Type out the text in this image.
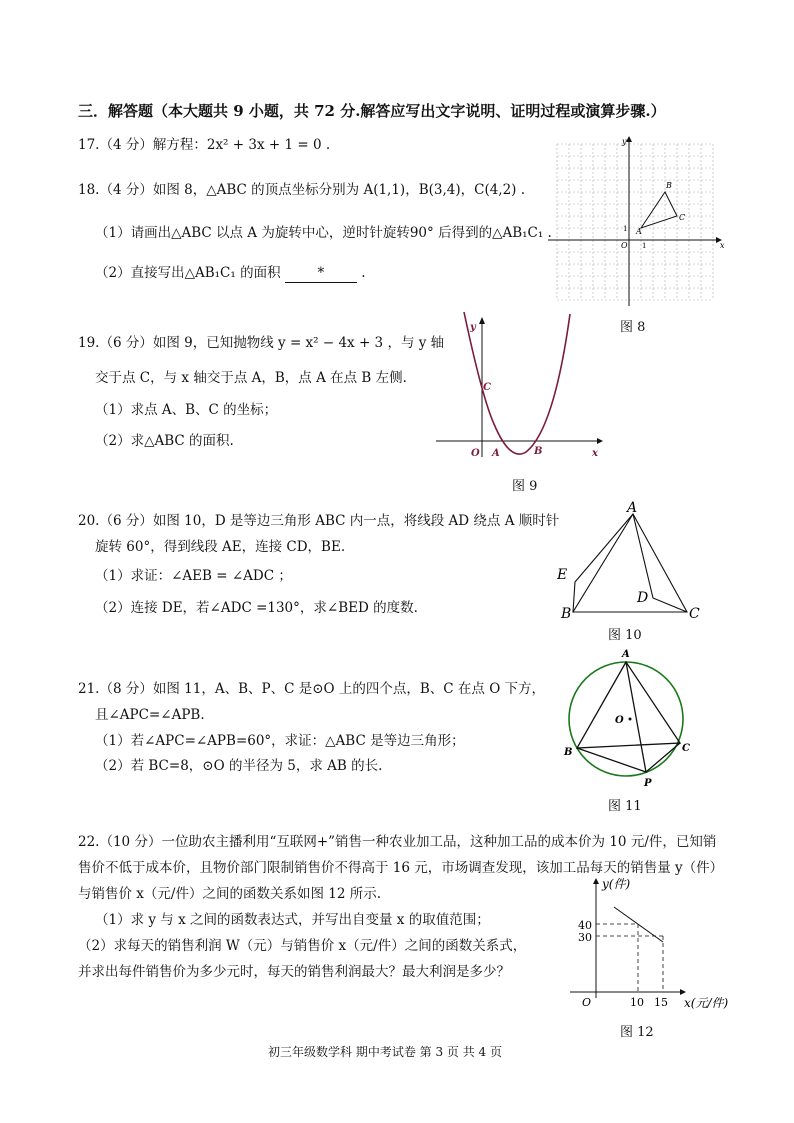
三．解答题（本大题共 9 小题，共 72 分.解答应写出文字说明、证明过程或演算步骤.）
17.（4 分）解方程：2x² + 3x + 1 = 0 .
18.（4 分）如图 8，△ABC 的顶点坐标分别为 A(1,1)，B(3,4)，C(4,2) .
（1）请画出△ABC 以点 A 为旋转中心，逆时针旋转90° 后得到的△AB₁C₁ .
（2）直接写出△AB₁C₁ 的面积	*	.
x
y
O 1
1 A
B
C
图 8
19.（6 分）如图 9，已知抛物线 y = x² − 4x + 3 ，与 y 轴
交于点 C，与 x 轴交于点 A，B，点 A 在点 B 左侧.
（1）求点 A、B、C 的坐标；
（2）求△ABC 的面积.
y
x
C
O A	B
图 9
20.（6 分）如图 10，D 是等边三角形 ABC 内一点，将线段 AD 绕点 A 顺时针
旋转 60°，得到线段 AE，连接 CD，BE.
（1）求证：∠AEB = ∠ADC ；
（2）连接 DE，若∠ADC =130°，求∠BED 的度数.
A
E
D
B	C
图 10
21.（8 分）如图 11，A、B、P、C 是⊙O 上的四个点，B、C 在点 O 下方，
且∠APC=∠APB.
（1）若∠APC=∠APB=60°，求证：△ABC 是等边三角形；
（2）若 BC=8，⊙O 的半径为 5，求 AB 的长.
A
O
B	C
P
图 11
22.（10 分）一位助农主播利用“互联网+”销售一种农业加工品，这种加工品的成本价为 10 元/件，已知销
售价不低于成本价，且物价部门限制销售价不得高于 16 元，市场调查发现，该加工品每天的销售量 y（件）
与销售价 x（元/件）之间的函数关系如图 12 所示.
（1）求 y 与 x 之间的函数表达式，并写出自变量 x 的取值范围；
（2）求每天的销售利润 W（元）与销售价 x（元/件）之间的函数关系式，
并求出每件销售价为多少元时，每天的销售利润最大？最大利润是多少？
y(件)
40
30
O	10 15 x(元/件)
图 12
初三年级数学科 期中考试卷 第 3 页 共 4 页
